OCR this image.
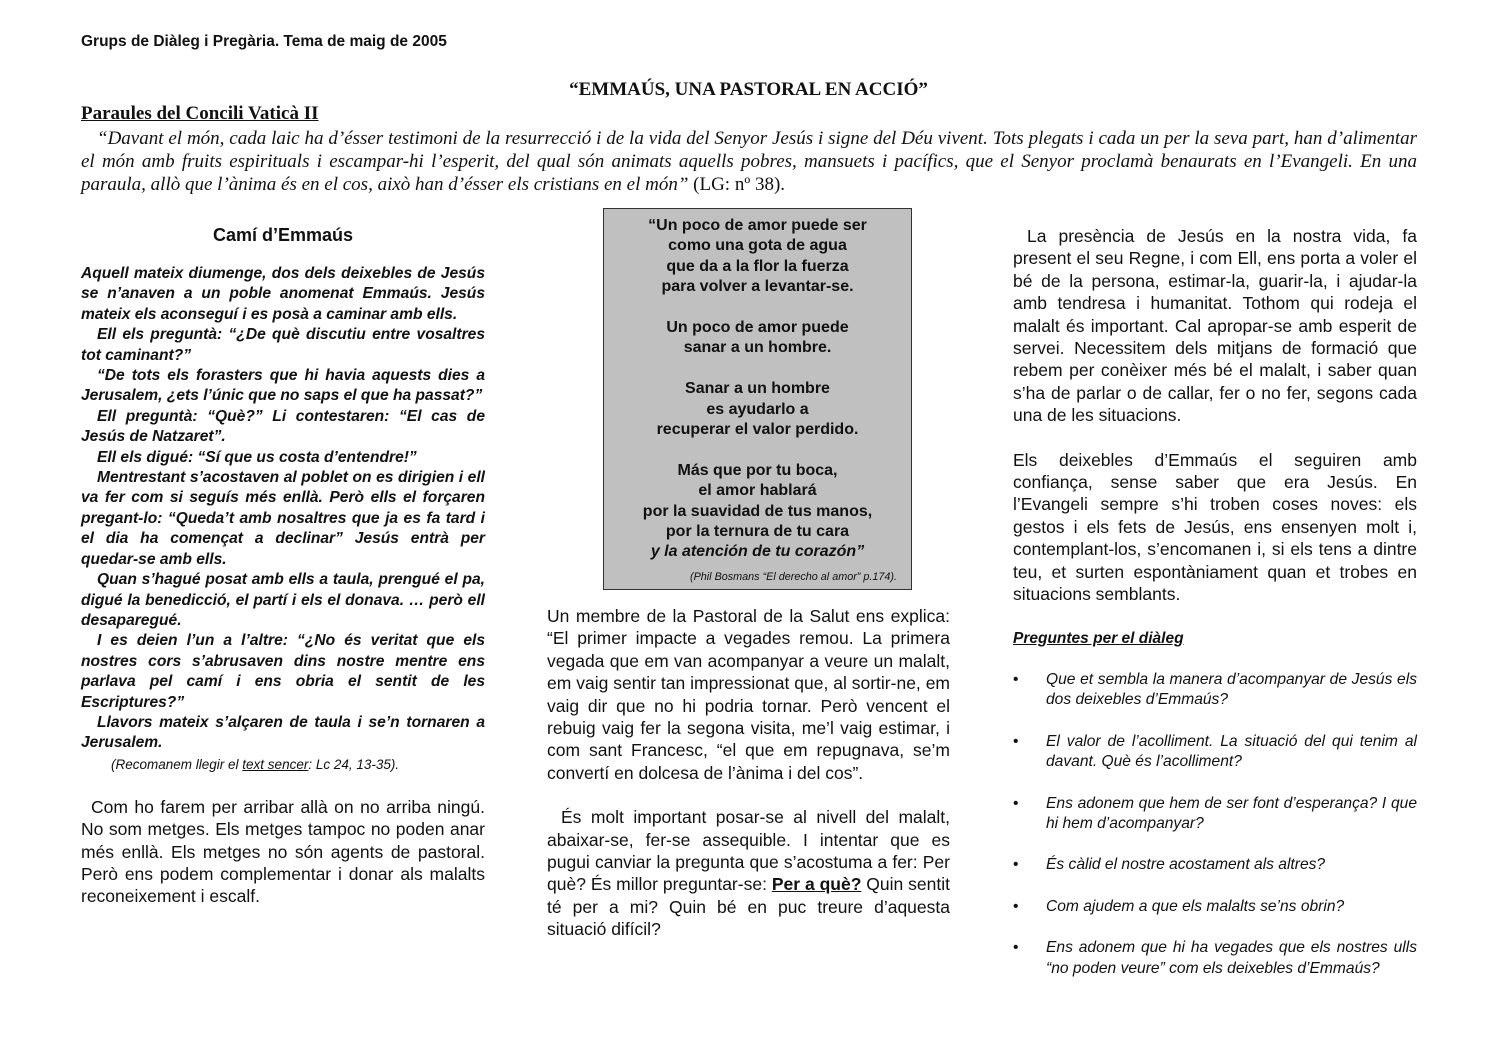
Grups de Diàleg i Pregària. Tema de maig de 2005
“EMMAÚS, UNA PASTORAL EN ACCIÓ”
Paraules del Concili Vaticà II
“Davant el món, cada laic ha d’ésser testimoni de la resurrecció i de la vida del Senyor Jesús i signe del Déu vivent. Tots plegats i cada un per la seva part, han d’alimentar el món amb fruits espirituals i escampar-hi l’esperit, del qual són animats aquells pobres, mansuets i pacífics, que el Senyor proclamà benaurats en l’Evangeli. En una paraula, allò que l’ànima és en el cos, això han d’ésser els cristians en el món” (LG: nº 38).
Camí d’Emmaús

Aquell mateix diumenge, dos dels deixebles de Jesús se n’anaven a un poble anomenat Emmaús. Jesús mateix els aconseguí i es posà a caminar amb ells.

Ell els preguntà: “¿De què discutiu entre vosaltres tot caminant?”

“De tots els forasters que hi havia aquests dies a Jerusalem, ¿ets l’únic que no saps el que ha passat?”

Ell preguntà: “Què?” Li contestaren: “El cas de Jesús de Natzaret”.

Ell els digué: “Sí que us costa d’entendre!”

Mentrestant s’acostaven al poblet on es dirigien i ell va fer com si seguís més enllà. Però ells el forçaren pregant-lo: “Queda’t amb nosaltres que ja es fa tard i el dia ha començat a declinar” Jesús entrà per quedar-se amb ells.

Quan s’hagué posat amb ells a taula, prengué el pa, digué la benedicció, el partí i els el donava. … però ell desaparegué.

I es deien l’un a l’altre: “¿No és veritat que els nostres cors s’abrusaven dins nostre mentre ens parlava pel camí i ens obria el sentit de les Escriptures?”

Llavors mateix s’alçaren de taula i se’n tornaren a Jerusalem.

(Recomanem llegir el text sencer: Lc 24, 13-35).
Com ho farem per arribar allà on no arriba ningú. No som metges. Els metges tampoc no poden anar més enllà. Els metges no són agents de pastoral. Però ens podem complementar i donar als malalts reconeixement i escalf.
“Un poco de amor puede ser
como una gota de agua
que da a la flor la fuerza
para volver a levantar-se.
Un poco de amor puede
sanar a un hombre.
Sanar a un hombre
es ayudarlo a
recuperar el valor perdido.
Más que por tu boca,
el amor hablará
por la suavidad de tus manos,
por la ternura de tu cara
y la atención de tu corazón”
(Phil Bosmans “El derecho al amor” p.174).

Un membre de la Pastoral de la Salut ens explica: “El primer impacte a vegades remou. La primera vegada que em van acompanyar a veure un malalt, em vaig sentir tan impressionat que, al sortir-ne, em vaig dir que no hi podria tornar. Però vencent el rebuig vaig fer la segona visita, me’l vaig estimar, i com sant Francesc, “el que em repugnava, se’m convertí en dolcesa de l’ànima i del cos”.

És molt important posar-se al nivell del malalt, abaixar-se, fer-se assequible. I intentar que es pugui canviar la pregunta que s’acostuma a fer: Per què? És millor preguntar-se: Per a què? Quin sentit té per a mi? Quin bé en puc treure d’aquesta situació difícil?

La presència de Jesús en la nostra vida, fa present el seu Regne, i com Ell, ens porta a voler el bé de la persona, estimar-la, guarir-la, i ajudar-la amb tendresa i humanitat. Tothom qui rodeja el malalt és important. Cal apropar-se amb esperit de servei. Necessitem dels mitjans de formació que rebem per conèixer més bé el malalt, i saber quan s’ha de parlar o de callar, fer o no fer, segons cada una de les situacions.

Els deixebles d’Emmaús el seguiren amb confiança, sense saber que era Jesús. En l’Evangeli sempre s’hi troben coses noves: els gestos i els fets de Jesús, ens ensenyen molt i, contemplant-los, s’encomanen i, si els tens a dintre teu, et surten espontàniament quan et trobes en situacions semblants.

Preguntes per el diàleg
• Que et sembla la manera d’acompanyar de Jesús els dos deixebles d’Emmaús?
• El valor de l’acolliment. La situació del qui tenim al davant. Què és l’acolliment?
• Ens adonem que hem de ser font d’esperança? I que hi hem d’acompanyar?
• És càlid el nostre acostament als altres?
• Com ajudem a que els malalts se’ns obrin?
• Ens adonem que hi ha vegades que els nostres ulls “no poden veure” com els deixebles d’Emmaús?
